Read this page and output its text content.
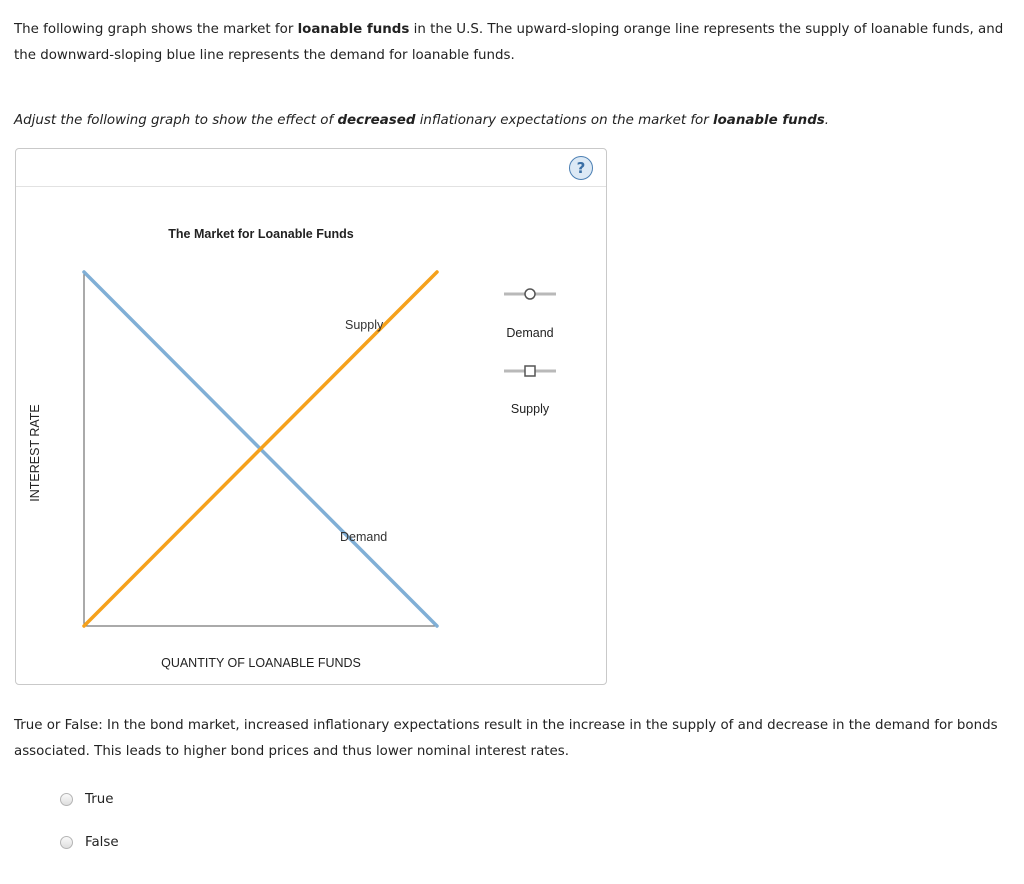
The following graph shows the market for loanable funds in the U.S. The upward-sloping orange line represents the supply of loanable funds, and the downward-sloping blue line represents the demand for loanable funds.
Adjust the following graph to show the effect of decreased inflationary expectations on the market for loanable funds.
?
The Market for Loanable Funds
INTEREST RATE
QUANTITY OF LOANABLE FUNDS
Supply
Demand
Demand
Supply
True or False: In the bond market, increased inflationary expectations result in the increase in the supply of and decrease in the demand for bonds associated. This leads to higher bond prices and thus lower nominal interest rates.
True
False
